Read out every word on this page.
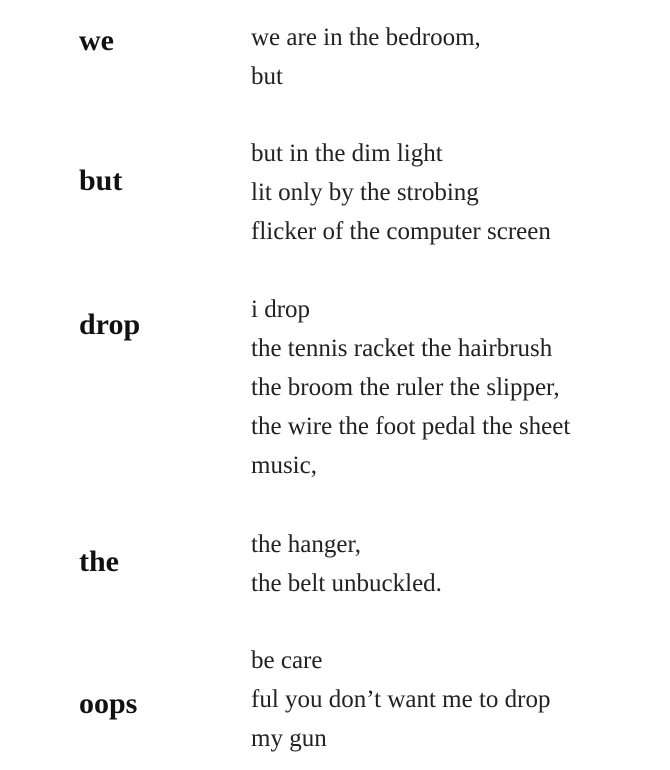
we	we are in the bedroom,
but
but
but in the dim light
lit only by the strobing
flicker of the computer screen
drop	i drop
the tennis racket the hairbrush
the broom the ruler the slipper,
the wire the foot pedal the sheet
music,
the
the hanger,
the belt unbuckled.
oops
be care
ful you don’t want me to drop
my gun
